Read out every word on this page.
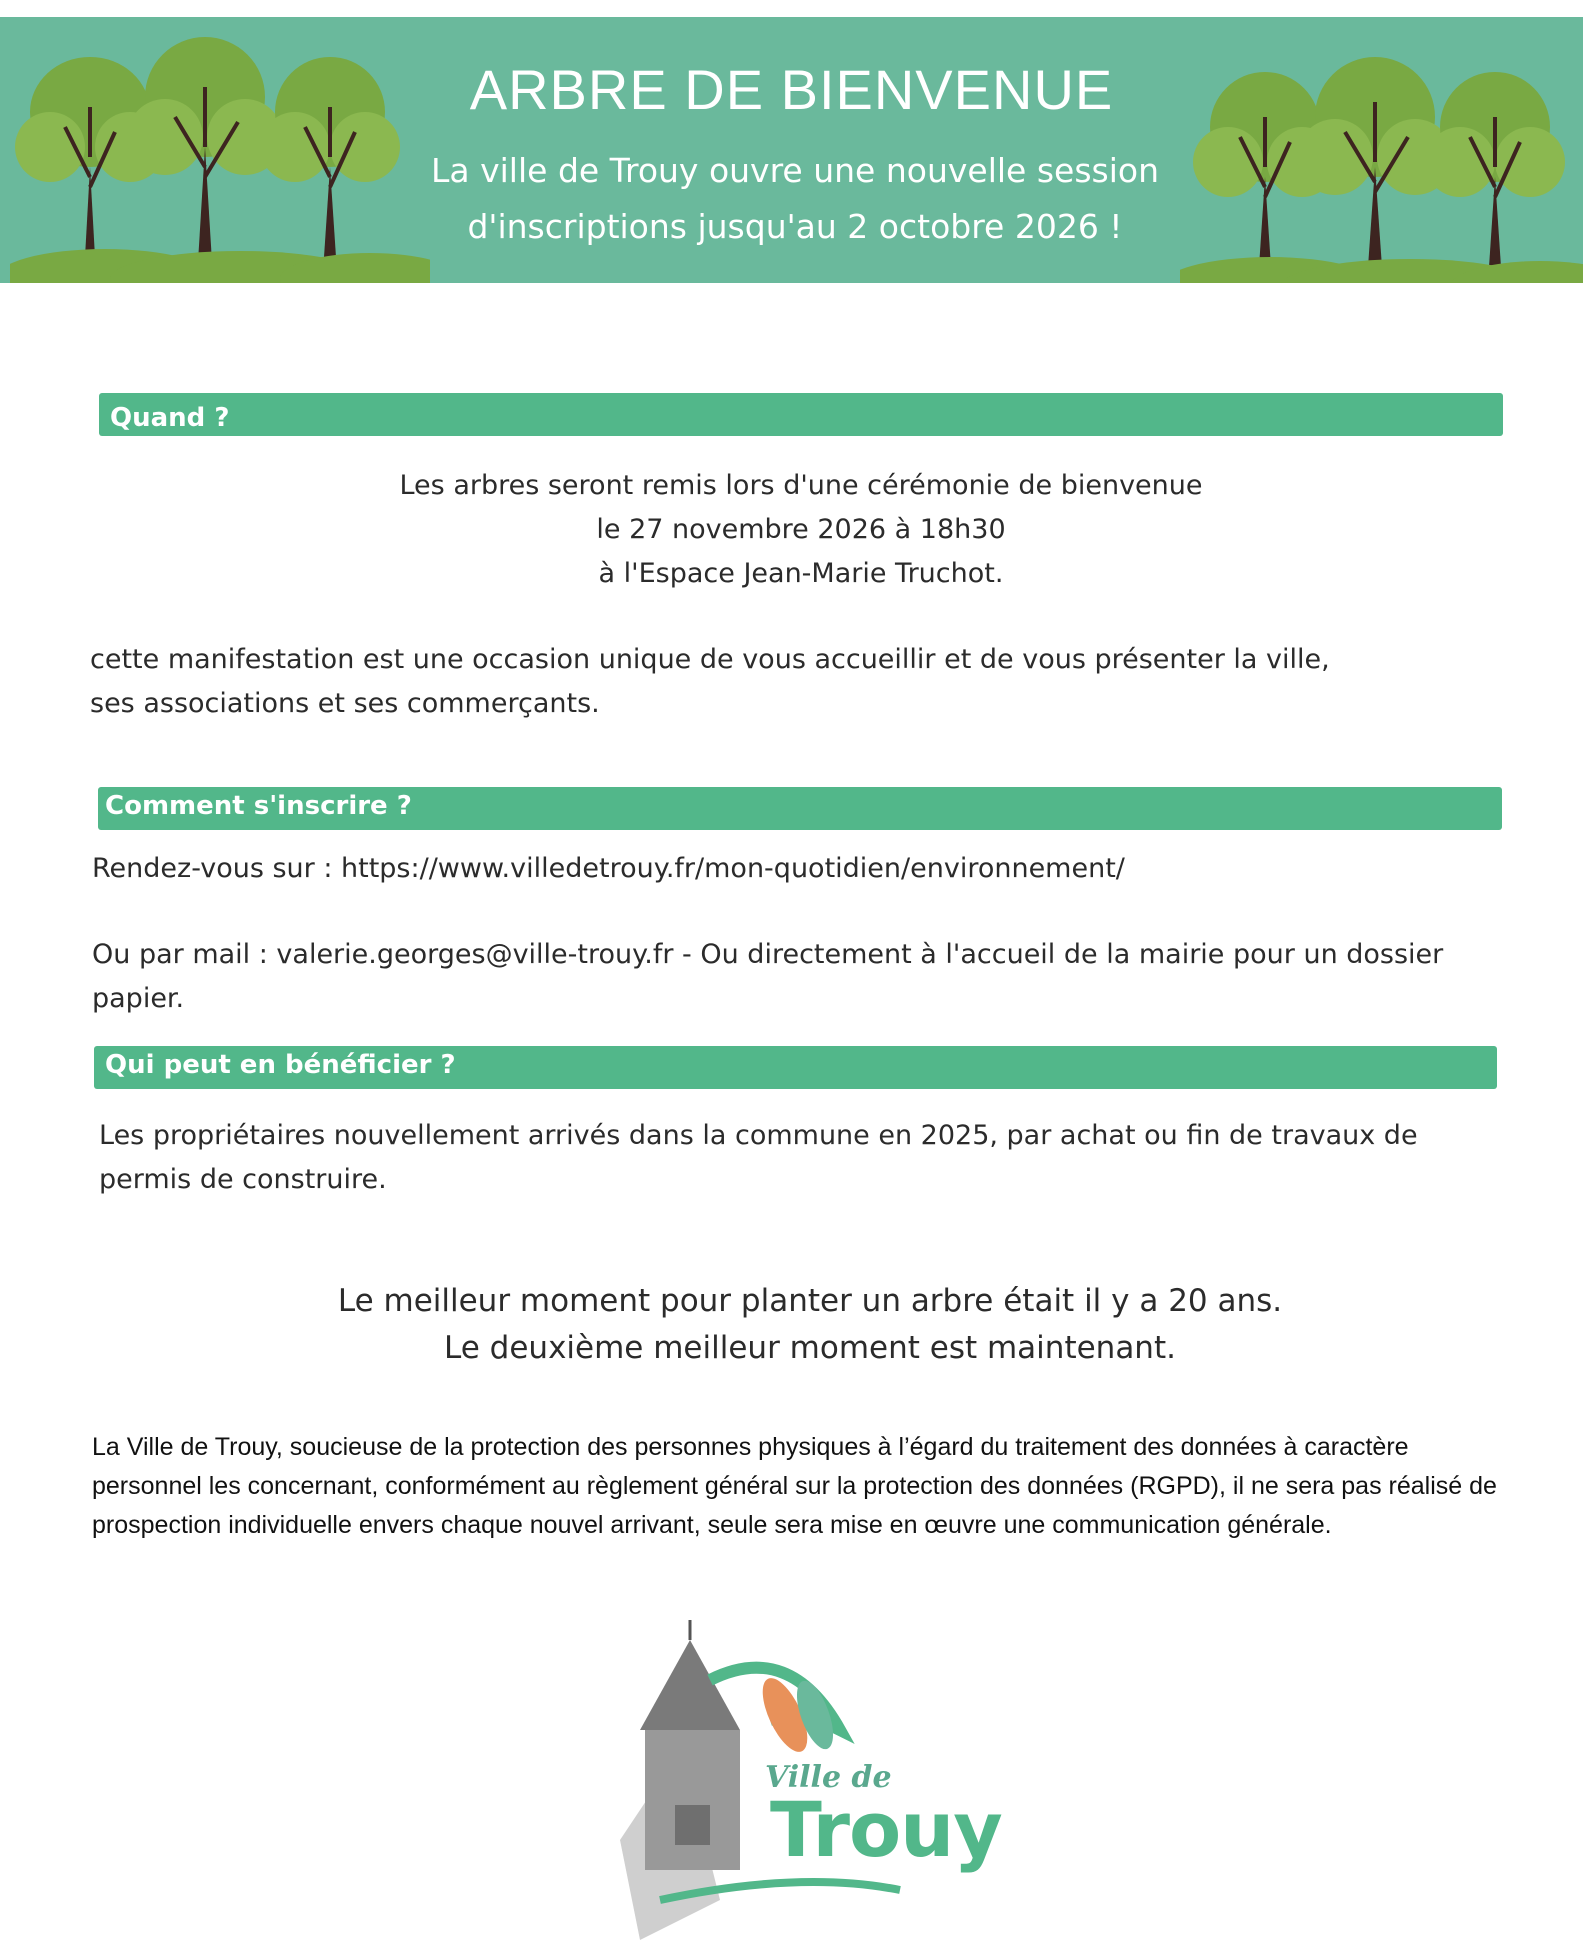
ARBRE DE BIENVENUE
La ville de Trouy ouvre une nouvelle session
d'inscriptions jusqu'au 2 octobre 2026 !
Quand ?
Les arbres seront remis lors d'une cérémonie de bienvenue
le 27 novembre 2026 à 18h30
à l'Espace Jean-Marie Truchot.
cette manifestation est une occasion unique de vous accueillir et de vous présenter la ville,
ses associations et ses commerçants.
Comment s'inscrire ?
Rendez-vous sur : https://www.villedetrouy.fr/mon-quotidien/environnement/
Ou par mail : valerie.georges@ville-trouy.fr - Ou directement à l'accueil de la mairie pour un dossier
papier.
Qui peut en bénéficier ?
Les propriétaires nouvellement arrivés dans la commune en 2025, par achat ou fin de travaux de
permis de construire.
Le meilleur moment pour planter un arbre était il y a 20 ans.
Le deuxième meilleur moment est maintenant.
La Ville de Trouy, soucieuse de la protection des personnes physiques à l’égard du traitement des données à caractère personnel les concernant, conformément au règlement général sur la protection des données (RGPD), il ne sera pas réalisé de prospection individuelle envers chaque nouvel arrivant, seule sera mise en œuvre une communication générale.
Ville de
Trouy
